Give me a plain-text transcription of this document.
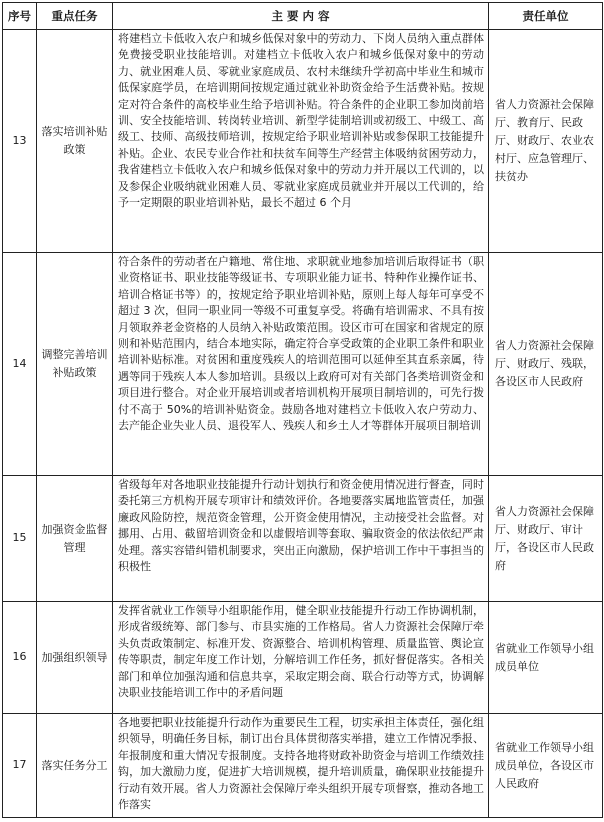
序号	重点任务	主 要 内 容	责任单位
13	落实培训补贴政策	将建档立卡低收入农户和城乡低保对象中的劳动力、下岗人员纳入重点群体免费接受职业技能培训。对建档立卡低收入农户和城乡低保对象中的劳动力、就业困难人员、零就业家庭成员、农村未继续升学初高中毕业生和城市低保家庭学员，在培训期间按规定通过就业补助资金给予生活费补贴。按规定对符合条件的高校毕业生给予培训补贴。符合条件的企业职工参加岗前培训、安全技能培训、转岗转业培训、新型学徒制培训或初级工、中级工、高级工、技师、高级技师培训，按规定给予职业培训补贴或参保职工技能提升补贴。企业、农民专业合作社和扶贫车间等生产经营主体吸纳贫困劳动力，我省建档立卡低收入农户和城乡低保对象中的劳动力并开展以工代训的，以及参保企业吸纳就业困难人员、零就业家庭成员就业并开展以工代训的，给予一定期限的职业培训补贴，最长不超过 6 个月	省人力资源社会保障厅、教育厅、民政厅、财政厅、农业农村厅、应急管理厅、扶贫办
14	调整完善培训补贴政策	符合条件的劳动者在户籍地、常住地、求职就业地参加培训后取得证书（职业资格证书、职业技能等级证书、专项职业能力证书、特种作业操作证书、培训合格证书等）的，按规定给予职业培训补贴，原则上每人每年可享受不超过 3 次，但同一职业同一等级不可重复享受。将确有培训需求、不具有按月领取养老金资格的人员纳入补贴政策范围。设区市可在国家和省规定的原则和补贴范围内，结合本地实际，确定符合享受政策的企业职工条件和职业培训补贴标准。对贫困和重度残疾人的培训范围可以延伸至其直系亲属，待遇等同于残疾人本人参加培训。县级以上政府可对有关部门各类培训资金和项目进行整合。对企业开展培训或者培训机构开展项目制培训的，可先行拨付不高于 50%的培训补贴资金。鼓励各地对建档立卡低收入农户劳动力、去产能企业失业人员、退役军人、残疾人和乡土人才等群体开展项目制培训	省人力资源社会保障厅、财政厅、残联，各设区市人民政府
15	加强资金监督管理	省级每年对各地职业技能提升行动计划执行和资金使用情况进行督查，同时委托第三方机构开展专项审计和绩效评价。各地要落实属地监管责任，加强廉政风险防控，规范资金管理，公开资金使用情况，主动接受社会监督。对挪用、占用、截留培训资金和以虚假培训等套取、骗取资金的依法依纪严肃处理。落实容错纠错机制要求，突出正向激励，保护培训工作中干事担当的积极性	省人力资源社会保障厅、财政厅、审计厅，各设区市人民政府
16	加强组织领导	发挥省就业工作领导小组职能作用，健全职业技能提升行动工作协调机制，形成省级统筹、部门参与、市县实施的工作格局。省人力资源社会保障厅牵头负责政策制定、标准开发、资源整合、培训机构管理、质量监管、舆论宣传等职责，制定年度工作计划，分解培训工作任务，抓好督促落实。各相关部门和单位加强沟通和信息共享，采取定期会商、联合行动等方式，协调解决职业技能培训工作中的矛盾问题	省就业工作领导小组成员单位
17	落实任务分工	各地要把职业技能提升行动作为重要民生工程，切实承担主体责任，强化组织领导，明确任务目标，制订出台具体贯彻落实举措，建立工作情况季报、年报制度和重大情况专报制度。支持各地将财政补助资金与培训工作绩效挂钩，加大激励力度，促进扩大培训规模，提升培训质量，确保职业技能提升行动有效开展。省人力资源社会保障厅牵头组织开展专项督察，推动各地工作落实	省就业工作领导小组成员单位，各设区市人民政府
